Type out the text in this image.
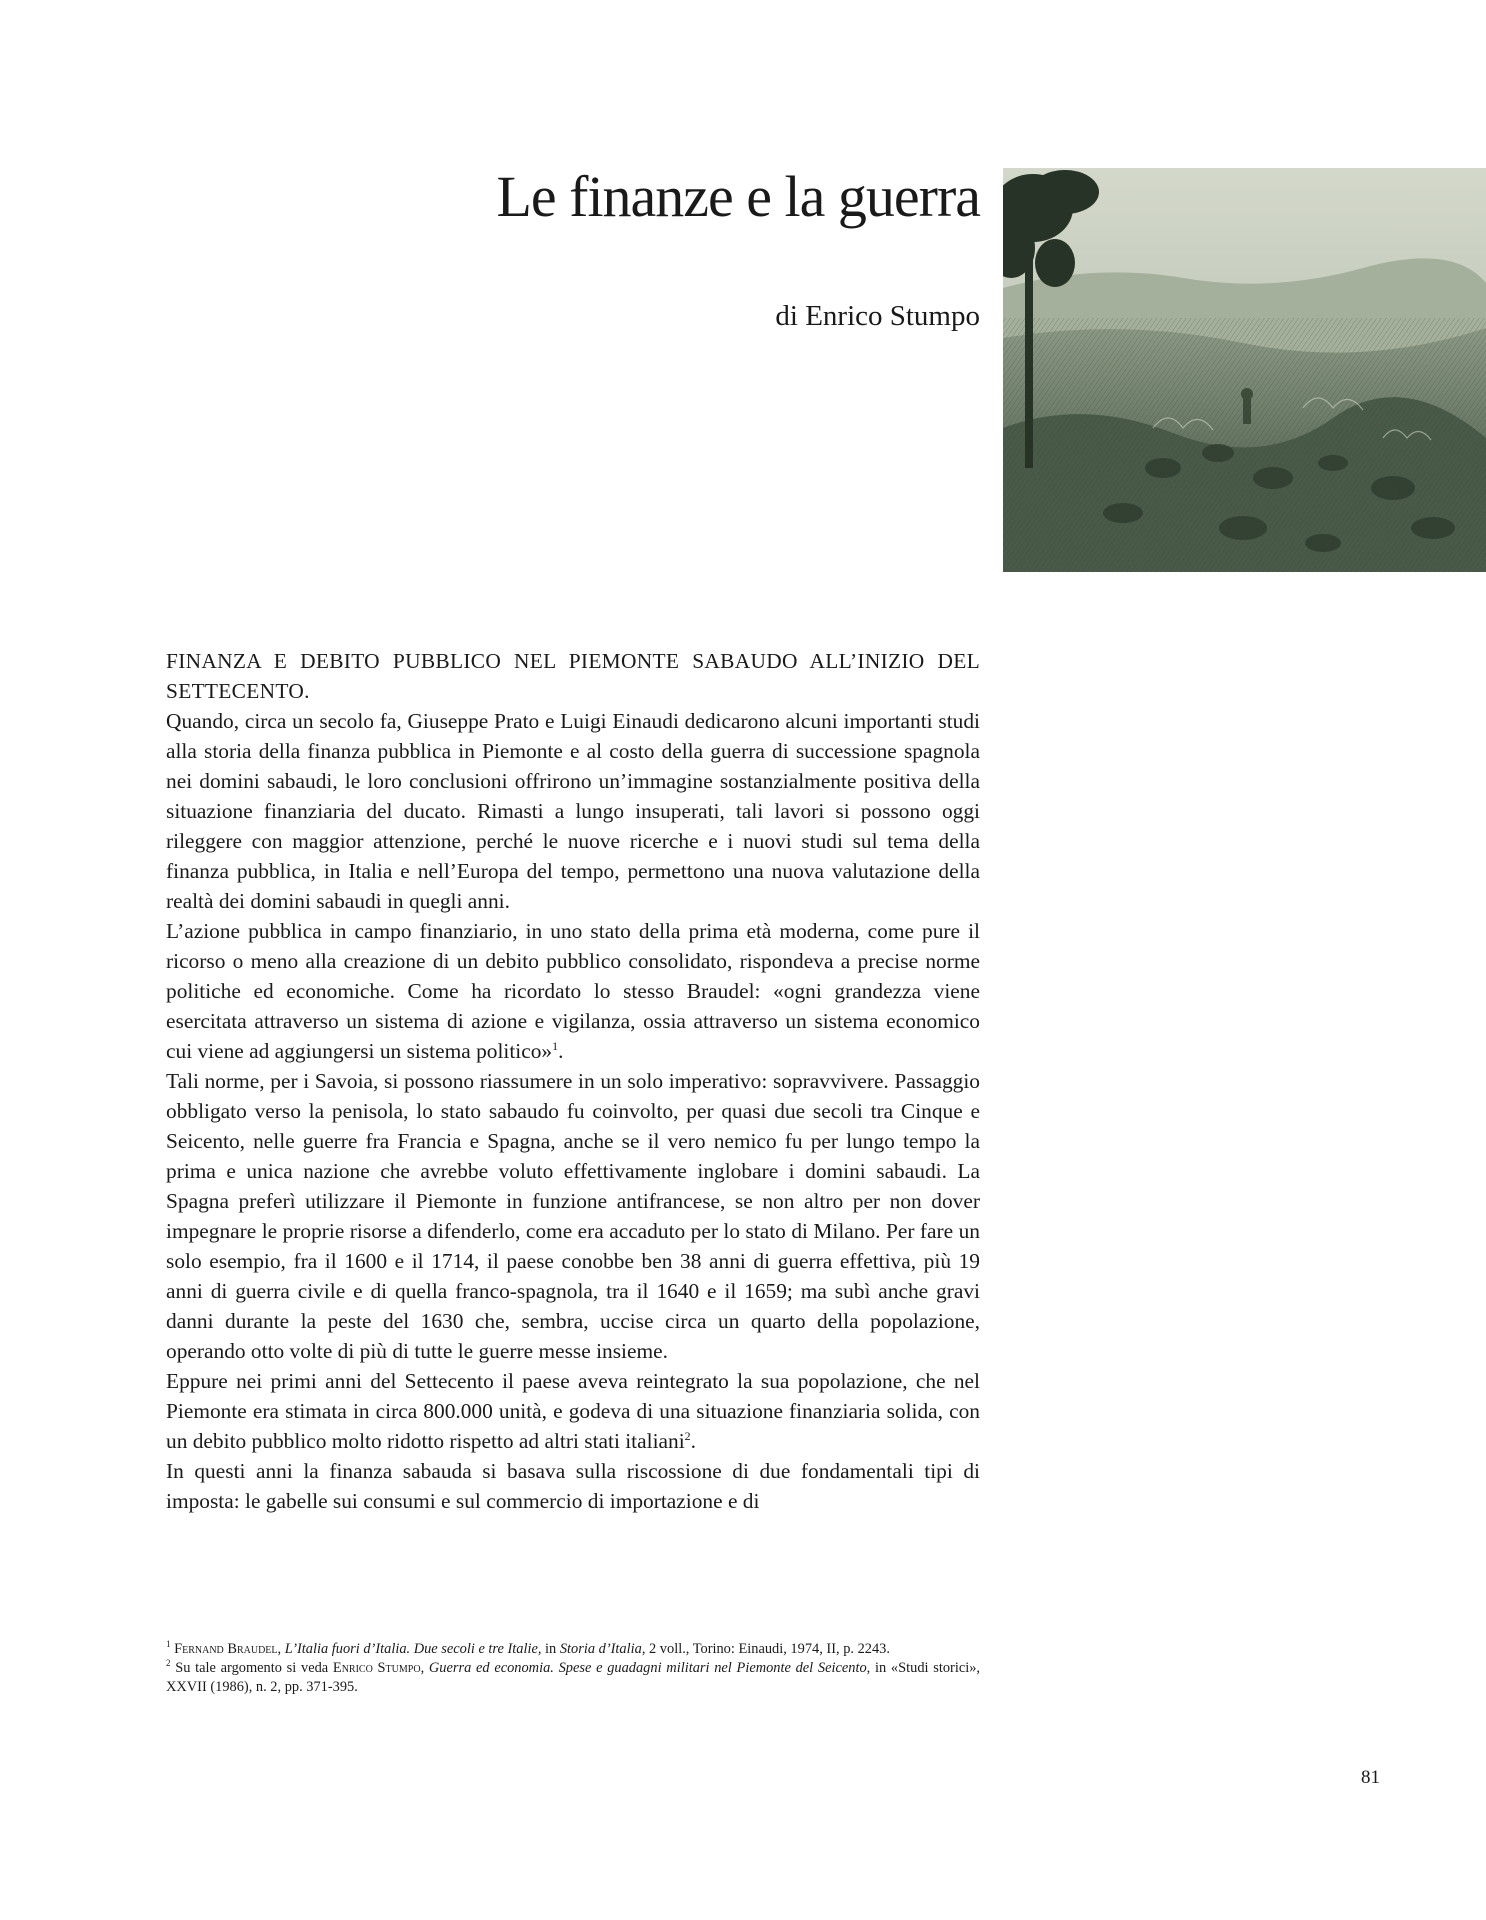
Le finanze e la guerra
di Enrico Stumpo

FINANZA E DEBITO PUBBLICO NEL PIEMONTE SABAUDO ALL’INIZIO DEL SETTECENTO.
Quando, circa un secolo fa, Giuseppe Prato e Luigi Einaudi dedicarono alcuni importanti studi alla storia della finanza pubblica in Piemonte e al costo della guerra di successione spagnola nei domini sabaudi, le loro conclusioni offrirono un’immagine sostanzialmente positiva della situazione finanziaria del ducato. Rimasti a lungo insuperati, tali lavori si possono oggi rileggere con maggior attenzione, perché le nuove ricerche e i nuovi studi sul tema della finanza pubblica, in Italia e nell’Europa del tempo, permettono una nuova valutazione della realtà dei domini sabaudi in quegli anni.

L’azione pubblica in campo finanziario, in uno stato della prima età moderna, come pure il ricorso o meno alla creazione di un debito pubblico consolidato, rispondeva a precise norme politiche ed economiche. Come ha ricordato lo stesso Braudel: «ogni grandezza viene esercitata attraverso un sistema di azione e vigilanza, ossia attraverso un sistema economico cui viene ad aggiungersi un sistema politico»$^1$.

Tali norme, per i Savoia, si possono riassumere in un solo imperativo: sopravvivere. Passaggio obbligato verso la penisola, lo stato sabaudo fu coinvolto, per quasi due secoli tra Cinque e Seicento, nelle guerre fra Francia e Spagna, anche se il vero nemico fu per lungo tempo la prima e unica nazione che avrebbe voluto effettivamente inglobare i domini sabaudi. La Spagna preferì utilizzare il Piemonte in funzione antifrancese, se non altro per non dover impegnare le proprie risorse a difenderlo, come era accaduto per lo stato di Milano. Per fare un solo esempio, fra il 1600 e il 1714, il paese conobbe ben 38 anni di guerra effettiva, più 19 anni di guerra civile e di quella franco-spagnola, tra il 1640 e il 1659; ma subì anche gravi danni durante la peste del 1630 che, sembra, uccise circa un quarto della popolazione, operando otto volte di più di tutte le guerre messe insieme.

Eppure nei primi anni del Settecento il paese aveva reintegrato la sua popolazione, che nel Piemonte era stimata in circa 800.000 unità, e godeva di una situazione finanziaria solida, con un debito pubblico molto ridotto rispetto ad altri stati italiani$^2$.

In questi anni la finanza sabauda si basava sulla riscossione di due fondamentali tipi di imposta: le gabelle sui consumi e sul commercio di importazione e di

$^1$ Fernand Braudel, L’Italia fuori d’Italia. Due secoli e tre Italie, in Storia d’Italia, 2 voll., Torino: Einaudi, 1974, II, p. 2243.

$^2$ Su tale argomento si veda Enrico Stumpo, Guerra ed economia. Spese e guadagni militari nel Piemonte del Seicento, in «Studi storici», XXVII (1986), n. 2, pp. 371-395.

81
